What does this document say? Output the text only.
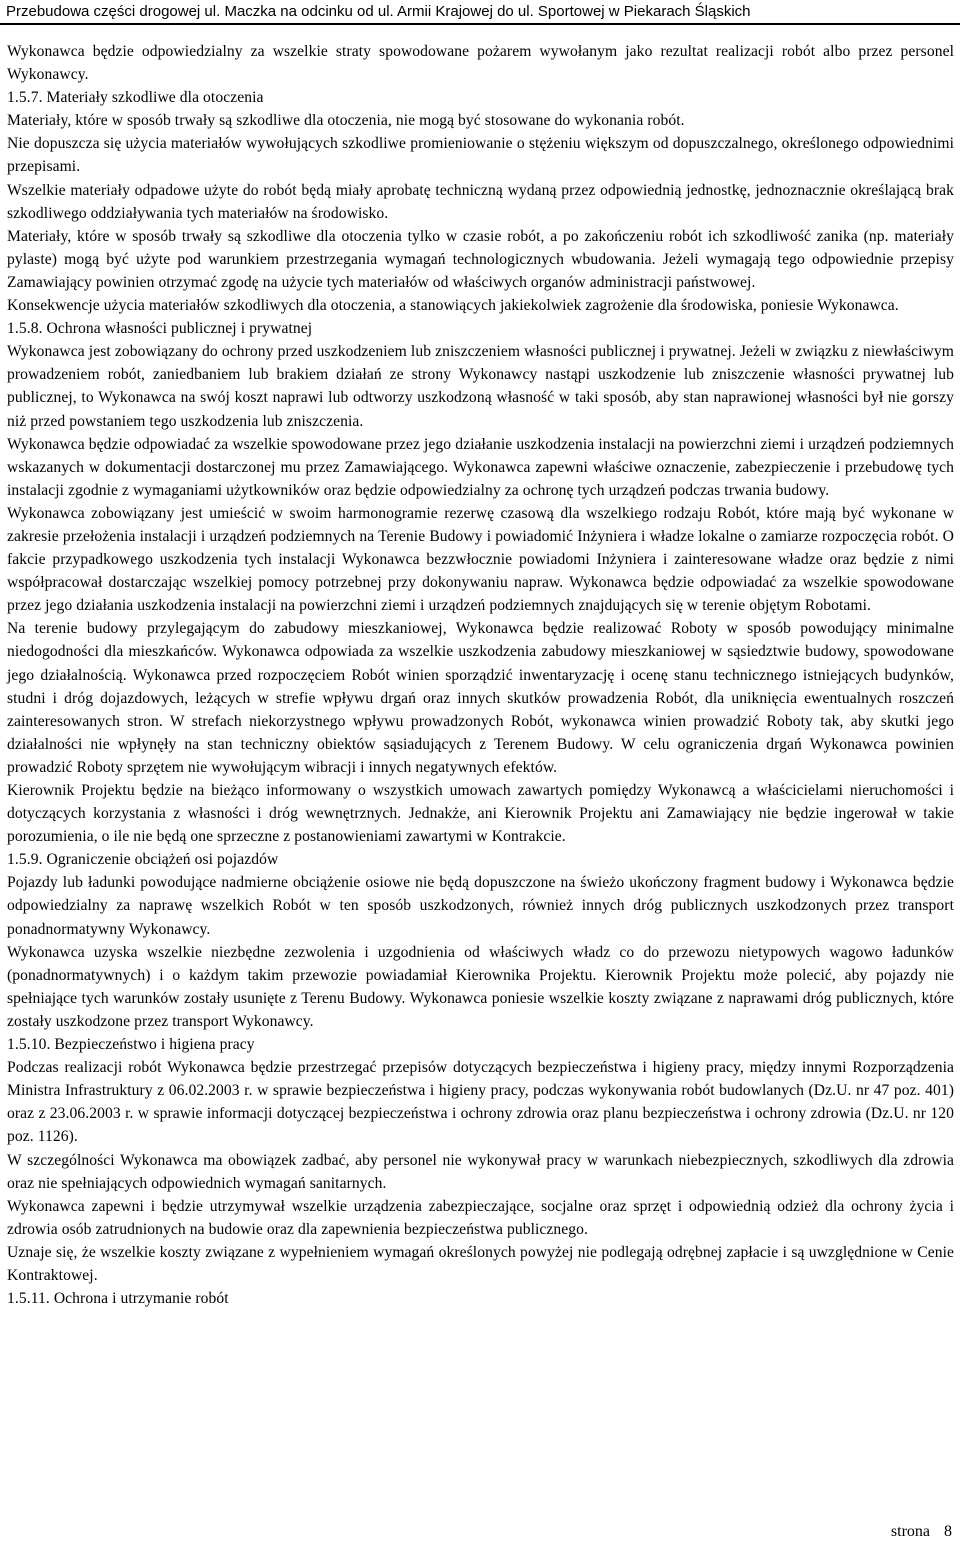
Przebudowa części drogowej ul. Maczka na odcinku od ul. Armii Krajowej do ul. Sportowej w Piekarach Śląskich

Wykonawca będzie odpowiedzialny za wszelkie straty spowodowane pożarem wywołanym jako rezultat realizacji robót albo przez personel Wykonawcy.

1.5.7. Materiały szkodliwe dla otoczenia

Materiały, które w sposób trwały są szkodliwe dla otoczenia, nie mogą być stosowane do wykonania robót.

Nie dopuszcza się użycia materiałów wywołujących szkodliwe promieniowanie o stężeniu większym od dopuszczalnego, określonego odpowiednimi przepisami.

Wszelkie materiały odpadowe użyte do robót będą miały aprobatę techniczną wydaną przez odpowiednią jednostkę, jednoznacznie określającą brak szkodliwego oddziaływania tych materiałów na środowisko.

Materiały, które w sposób trwały są szkodliwe dla otoczenia tylko w czasie robót, a po zakończeniu robót ich szkodliwość zanika (np. materiały pylaste) mogą być użyte pod warunkiem przestrzegania wymagań technologicznych wbudowania. Jeżeli wymagają tego odpowiednie przepisy Zamawiający powinien otrzymać zgodę na użycie tych materiałów od właściwych organów administracji państwowej.

Konsekwencje użycia materiałów szkodliwych dla otoczenia, a stanowiących jakiekolwiek zagrożenie dla środowiska, poniesie Wykonawca.

1.5.8. Ochrona własności publicznej i prywatnej

Wykonawca jest zobowiązany do ochrony przed uszkodzeniem lub zniszczeniem własności publicznej i prywatnej. Jeżeli w związku z niewłaściwym prowadzeniem robót, zaniedbaniem lub brakiem działań ze strony Wykonawcy nastąpi uszkodzenie lub zniszczenie własności prywatnej lub publicznej, to Wykonawca na swój koszt naprawi lub odtworzy uszkodzoną własność w taki sposób, aby stan naprawionej własności był nie gorszy niż przed powstaniem tego uszkodzenia lub zniszczenia.

Wykonawca będzie odpowiadać za wszelkie spowodowane przez jego działanie uszkodzenia instalacji na powierzchni ziemi i urządzeń podziemnych wskazanych w dokumentacji dostarczonej mu przez Zamawiającego. Wykonawca zapewni właściwe oznaczenie, zabezpieczenie i przebudowę tych instalacji zgodnie z wymaganiami użytkowników oraz będzie odpowiedzialny za ochronę tych urządzeń podczas trwania budowy.

Wykonawca zobowiązany jest umieścić w swoim harmonogramie rezerwę czasową dla wszelkiego rodzaju Robót, które mają być wykonane w zakresie przełożenia instalacji i urządzeń podziemnych na Terenie Budowy i powiadomić Inżyniera i władze lokalne o zamiarze rozpoczęcia robót. O fakcie przypadkowego uszkodzenia tych instalacji Wykonawca bezzwłocznie powiadomi Inżyniera i zainteresowane władze oraz będzie z nimi współpracował dostarczając wszelkiej pomocy potrzebnej przy dokonywaniu napraw. Wykonawca będzie odpowiadać za wszelkie spowodowane przez jego działania uszkodzenia instalacji na powierzchni ziemi i urządzeń podziemnych znajdujących się w terenie objętym Robotami.

Na terenie budowy przylegającym do zabudowy mieszkaniowej, Wykonawca będzie realizować Roboty w sposób powodujący minimalne niedogodności dla mieszkańców. Wykonawca odpowiada za wszelkie uszkodzenia zabudowy mieszkaniowej w sąsiedztwie budowy, spowodowane jego działalnością. Wykonawca przed rozpoczęciem Robót winien sporządzić inwentaryzację i ocenę stanu technicznego istniejących budynków, studni i dróg dojazdowych, leżących w strefie wpływu drgań oraz innych skutków prowadzenia Robót, dla uniknięcia ewentualnych roszczeń zainteresowanych stron. W strefach niekorzystnego wpływu prowadzonych Robót, wykonawca winien prowadzić Roboty tak, aby skutki jego działalności nie wpłynęły na stan techniczny obiektów sąsiadujących z Terenem Budowy. W celu ograniczenia drgań Wykonawca powinien prowadzić Roboty sprzętem nie wywołującym wibracji i innych negatywnych efektów.

Kierownik Projektu będzie na bieżąco informowany o wszystkich umowach zawartych pomiędzy Wykonawcą a właścicielami nieruchomości i dotyczących korzystania z własności i dróg wewnętrznych. Jednakże, ani Kierownik Projektu ani Zamawiający nie będzie ingerował w takie porozumienia, o ile nie będą one sprzeczne z postanowieniami zawartymi w Kontrakcie.

1.5.9. Ograniczenie obciążeń osi pojazdów

Pojazdy lub ładunki powodujące nadmierne obciążenie osiowe nie będą dopuszczone na świeżo ukończony fragment budowy i Wykonawca będzie odpowiedzialny za naprawę wszelkich Robót w ten sposób uszkodzonych, również innych dróg publicznych uszkodzonych przez transport ponadnormatywny Wykonawcy.

Wykonawca uzyska wszelkie niezbędne zezwolenia i uzgodnienia od właściwych władz co do przewozu nietypowych wagowo ładunków (ponadnormatywnych) i o każdym takim przewozie powiadamiał Kierownika Projektu. Kierownik Projektu może polecić, aby pojazdy nie spełniające tych warunków zostały usunięte z Terenu Budowy. Wykonawca poniesie wszelkie koszty związane z naprawami dróg publicznych, które zostały uszkodzone przez transport Wykonawcy.

1.5.10. Bezpieczeństwo i higiena pracy

Podczas realizacji robót Wykonawca będzie przestrzegać przepisów dotyczących bezpieczeństwa i higieny pracy, między innymi Rozporządzenia Ministra Infrastruktury z 06.02.2003 r. w sprawie bezpieczeństwa i higieny pracy, podczas wykonywania robót budowlanych (Dz.U. nr 47 poz. 401) oraz z 23.06.2003 r. w sprawie informacji dotyczącej bezpieczeństwa i ochrony zdrowia oraz planu bezpieczeństwa i ochrony zdrowia (Dz.U. nr 120 poz. 1126).

W szczególności Wykonawca ma obowiązek zadbać, aby personel nie wykonywał pracy w warunkach niebezpiecznych, szkodliwych dla zdrowia oraz nie spełniających odpowiednich wymagań sanitarnych.

Wykonawca zapewni i będzie utrzymywał wszelkie urządzenia zabezpieczające, socjalne oraz sprzęt i odpowiednią odzież dla ochrony życia i zdrowia osób zatrudnionych na budowie oraz dla zapewnienia bezpieczeństwa publicznego.

Uznaje się, że wszelkie koszty związane z wypełnieniem wymagań określonych powyżej nie podlegają odrębnej zapłacie i są uwzględnione w Cenie Kontraktowej.

1.5.11. Ochrona i utrzymanie robót

strona 8
